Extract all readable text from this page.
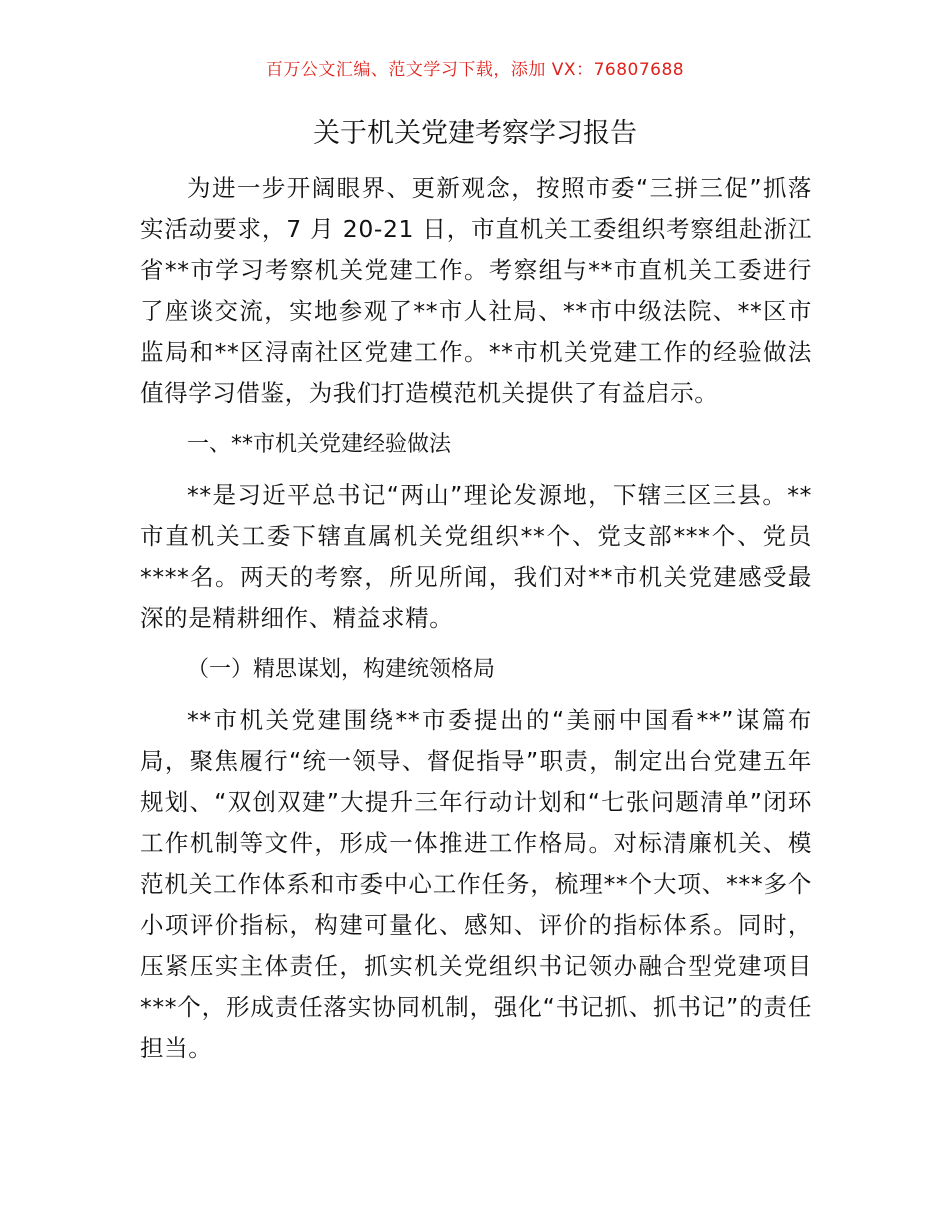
百万公文汇编、范文学习下载，添加 VX：76807688
关于机关党建考察学习报告

为进一步开阔眼界、更新观念，按照市委“三拼三促”抓落实活动要求，7 月 20-21 日，市直机关工委组织考察组赴浙江省**市学习考察机关党建工作。考察组与**市直机关工委进行了座谈交流，实地参观了**市人社局、**市中级法院、**区市监局和**区浔南社区党建工作。**市机关党建工作的经验做法值得学习借鉴，为我们打造模范机关提供了有益启示。

一、**市机关党建经验做法

**是习近平总书记“两山”理论发源地，下辖三区三县。**市直机关工委下辖直属机关党组织**个、党支部***个、党员****名。两天的考察，所见所闻，我们对**市机关党建感受最深的是精耕细作、精益求精。

（一）精思谋划，构建统领格局

**市机关党建围绕**市委提出的“美丽中国看**”谋篇布局，聚焦履行“统一领导、督促指导”职责，制定出台党建五年规划、“双创双建”大提升三年行动计划和“七张问题清单”闭环工作机制等文件，形成一体推进工作格局。对标清廉机关、模范机关工作体系和市委中心工作任务，梳理**个大项、***多个小项评价指标，构建可量化、感知、评价的指标体系。同时，压紧压实主体责任，抓实机关党组织书记领办融合型党建项目***个，形成责任落实协同机制，强化“书记抓、抓书记”的责任担当。
